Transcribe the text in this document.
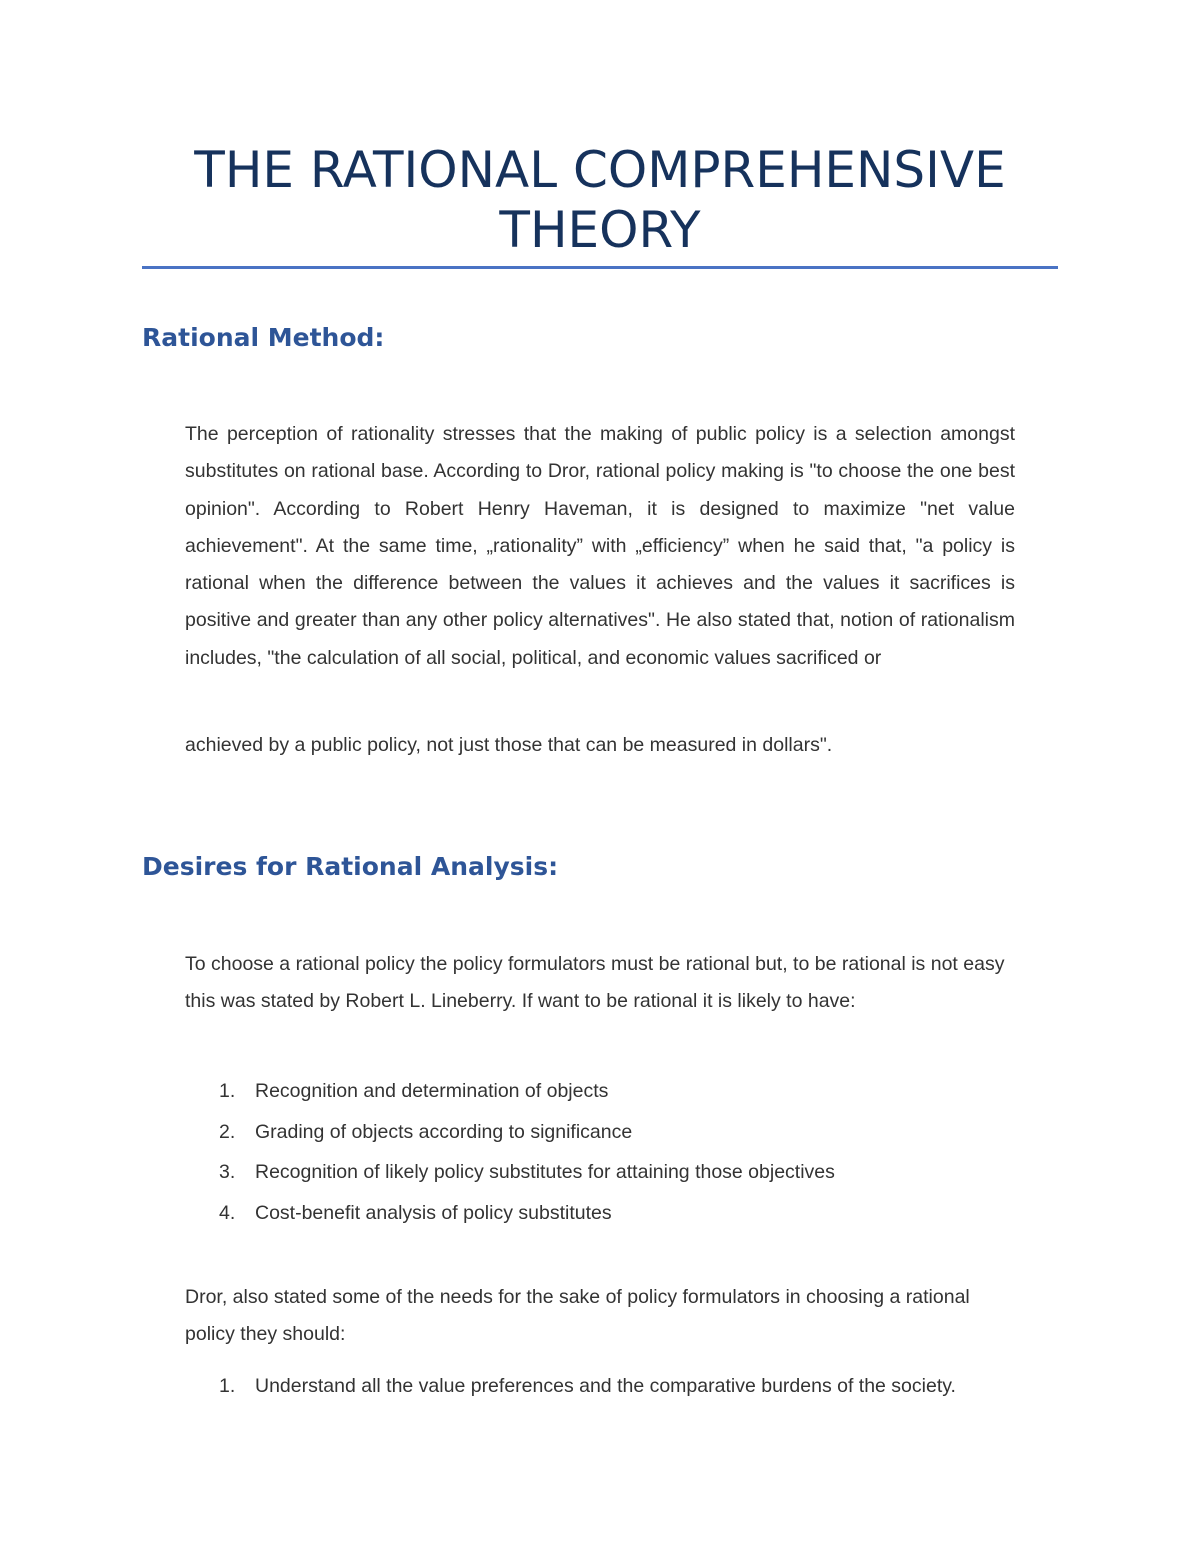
THE RATIONAL COMPREHENSIVE
THEORY
Rational Method:

The perception of rationality stresses that the making of public policy is a selection amongst substitutes on rational base. According to Dror, rational policy making is "to choose the one best opinion". According to Robert Henry Haveman, it is designed to maximize "net value achievement". At the same time, „rationality” with „efficiency” when he said that, "a policy is rational when the difference between the values it achieves and the values it sacrifices is positive and greater than any other policy alternatives". He also stated that, notion of rationalism includes, "the calculation of all social, political, and economic values sacrificed or

achieved by a public policy, not just those that can be measured in dollars".

Desires for Rational Analysis:

To choose a rational policy the policy formulators must be rational but, to be rational is not easy this was stated by Robert L. Lineberry. If want to be rational it is likely to have:

1. Recognition and determination of objects
2. Grading of objects according to significance
3. Recognition of likely policy substitutes for attaining those objectives
4. Cost-benefit analysis of policy substitutes

Dror, also stated some of the needs for the sake of policy formulators in choosing a rational policy they should:

1. Understand all the value preferences and the comparative burdens of the society.
